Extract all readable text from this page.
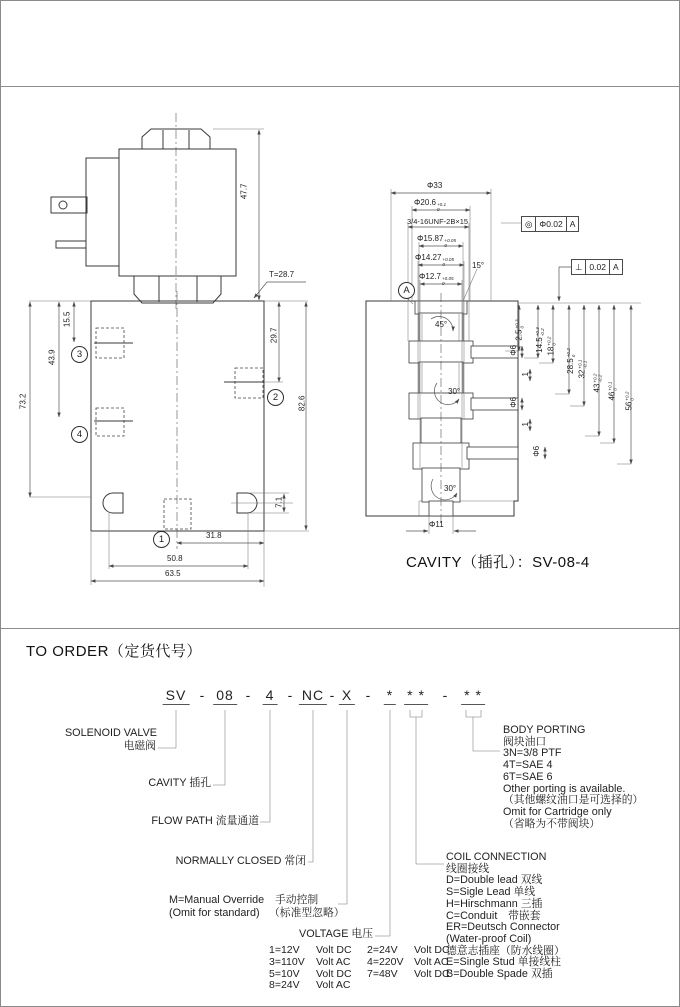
47.7
T=28.7
15.5
43.9
73.2
29.7
82.6
7.1
31.8
50.8
63.5
1
2
3
4
Φ33
Φ20.6 +0.1
0
3/4-16UNF-2B×15
Φ15.87 +0.05
0
Φ14.27 +0.05
0
Φ12.7 +0.05
0
15°
45°
30°
30°
Φ6
Φ6
Φ6
1
1
2.5
+0.3 0
14.5
+0.3 -0.2
18
+0.2 0
28.5
+0.2 0
32
+0.1 -0.1
43
+0.2 -0.2
46
+0.1 0
56
+0.2 0
Φ11
A
◎ Φ0.02 A
⊥ 0.02 A
CAVITY（插孔）：SV-08-4
TO ORDER（定货代号）
SV - 08 - 4 - NC - X - * * * - * *
SOLENOID VALVE
电磁阀
CAVITY 插孔
FLOW PATH 流量通道
NORMALLY CLOSED 常闭
M=Manual Override 手动控制
(Omit for standard) （标准型忽略）
VOLTAGE 电压
1=12V	Volt DC	2=24V	Volt DC
3=110V	Volt AC	4=220V	Volt AC
5=10V	Volt DC	7=48V	Volt DC
8=24V	Volt AC
COIL CONNECTION
线圈接线
D=Double lead 双线
S=Sigle Lead 单线
H=Hirschmann 三插
C=Conduit　带嵌套
ER=Deutsch Connector
(Water-proof Coil)
德意志插座（防水线圈）
E=Single Stud 单接线柱
B=Double Spade 双插
BODY PORTING
阀块油口
3N=3/8 PTF
4T=SAE 4
6T=SAE 6
Other porting is available.
（其他螺纹油口是可选择的）
Omit for Cartridge only
（省略为不带阀块）
